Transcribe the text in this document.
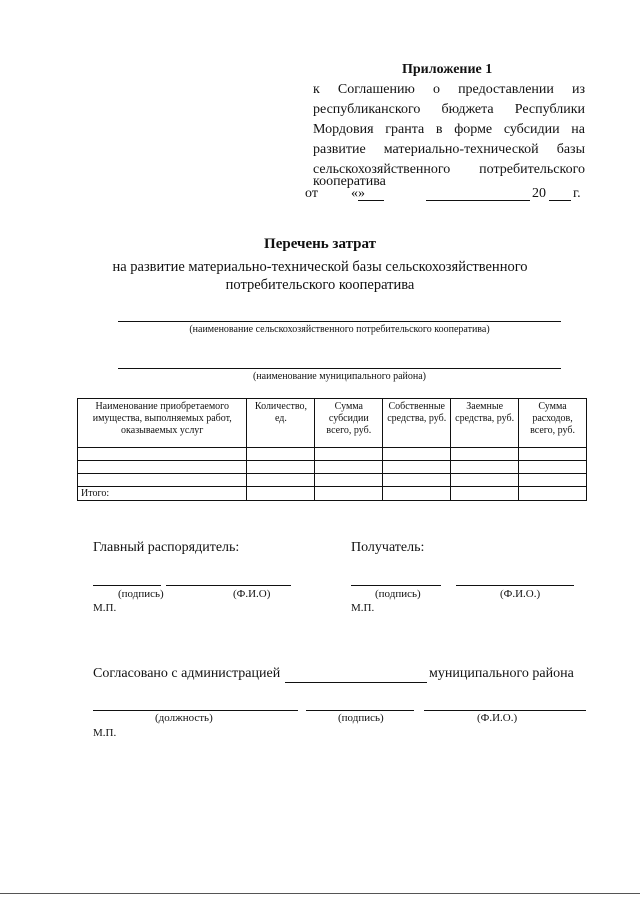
Приложение 1
к Соглашению о предоставлении из
республиканского бюджета Республики
Мордовия гранта в форме субсидии на
развитие материально-технической базы
сельскохозяйственного потребительского
кооператива
от «
»	20 г.
Перечень затрат
на развитие материально-технической базы сельскохозяйственного
потребительского кооператива
(наименование сельскохозяйственного потребительского кооператива)
(наименование муниципального района)
Наименование приобретаемого имущества, выполняемых работ, оказываемых услуг	Количество, ед.	Сумма субсидии всего, руб.	Собственные средства, руб.	Заемные средства, руб.	Сумма расходов, всего, руб.

Итого:					
Главный распорядитель:	Получатель:
(подпись)	(Ф.И.О)	(подпись)	(Ф.И.О.)
М.П.	М.П.
Согласовано с администрацией	муниципального района
(должность)	(подпись)	(Ф.И.О.)
М.П.
